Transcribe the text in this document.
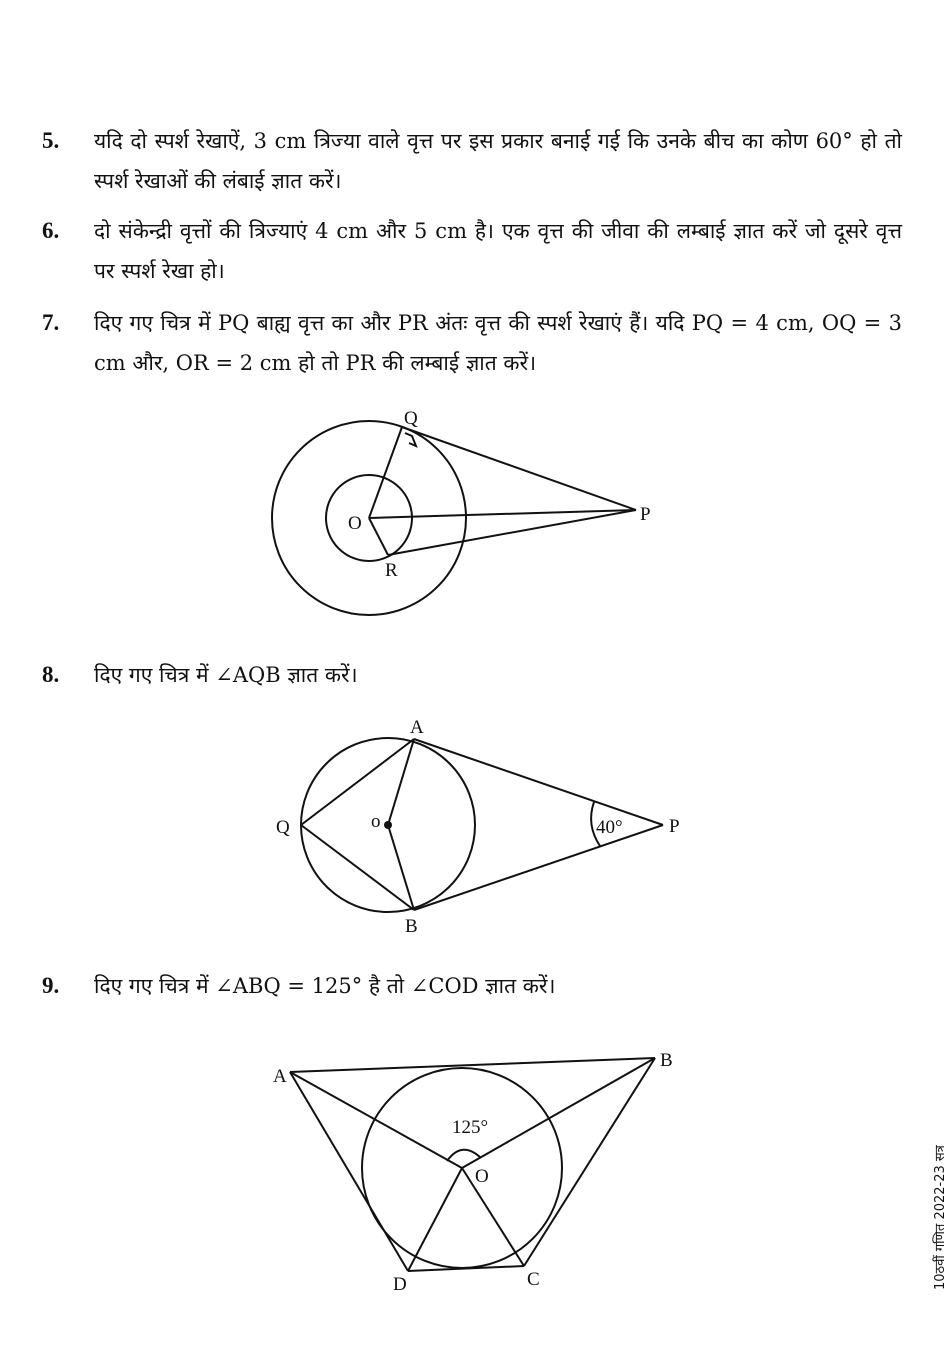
5. यदि दो स्पर्श रेखाऐं, 3 cm त्रिज्या वाले वृत्त पर इस प्रकार बनाई गई कि उनके बीच का कोण 60° हो तो स्पर्श रेखाओं की लंबाई ज्ञात करें।
6. दो संकेन्द्री वृत्तों की त्रिज्याएं 4 cm और 5 cm है। एक वृत्त की जीवा की लम्बाई ज्ञात करें जो दूसरे वृत्त पर स्पर्श रेखा हो।
7. दिए गए चित्र में PQ बाह्य वृत्त का और PR अंतः वृत्त की स्पर्श रेखाएं हैं। यदि PQ = 4 cm, OQ = 3 cm और, OR = 2 cm हो तो PR की लम्बाई ज्ञात करें।
8. दिए गए चित्र में ∠AQB ज्ञात करें।
9. दिए गए चित्र में ∠ABQ = 125° है तो ∠COD ज्ञात करें।
Q
O	P
R
A
Q	o	P
B
40°
A
B
O
D	C
125°
10ठवीं गणित 2022-23 सत्र
